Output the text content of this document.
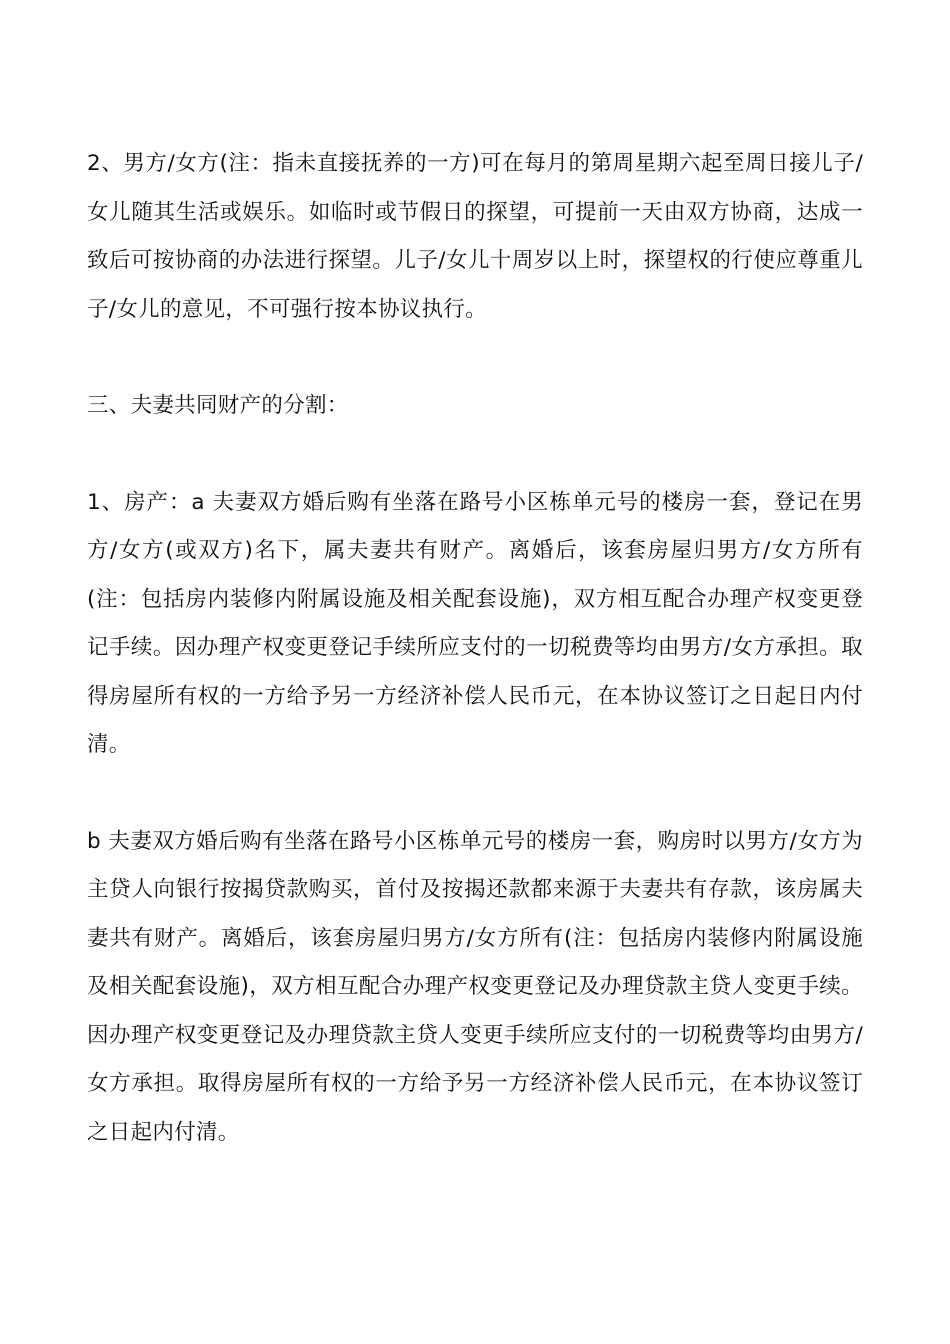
2、男方/女方(注：指未直接抚养的一方)可在每月的第周星期六起至周日接儿子/女儿随其生活或娱乐。如临时或节假日的探望，可提前一天由双方协商，达成一致后可按协商的办法进行探望。儿子/女儿十周岁以上时，探望权的行使应尊重儿子/女儿的意见，不可强行按本协议执行。

三、夫妻共同财产的分割：

1、房产：a 夫妻双方婚后购有坐落在路号小区栋单元号的楼房一套，登记在男方/女方(或双方)名下，属夫妻共有财产。离婚后，该套房屋归男方/女方所有(注：包括房内装修内附属设施及相关配套设施)，双方相互配合办理产权变更登记手续。因办理产权变更登记手续所应支付的一切税费等均由男方/女方承担。取得房屋所有权的一方给予另一方经济补偿人民币元，在本协议签订之日起日内付清。

b 夫妻双方婚后购有坐落在路号小区栋单元号的楼房一套，购房时以男方/女方为主贷人向银行按揭贷款购买，首付及按揭还款都来源于夫妻共有存款，该房属夫妻共有财产。离婚后，该套房屋归男方/女方所有(注：包括房内装修内附属设施及相关配套设施)，双方相互配合办理产权变更登记及办理贷款主贷人变更手续。因办理产权变更登记及办理贷款主贷人变更手续所应支付的一切税费等均由男方/女方承担。取得房屋所有权的一方给予另一方经济补偿人民币元，在本协议签订之日起内付清。
